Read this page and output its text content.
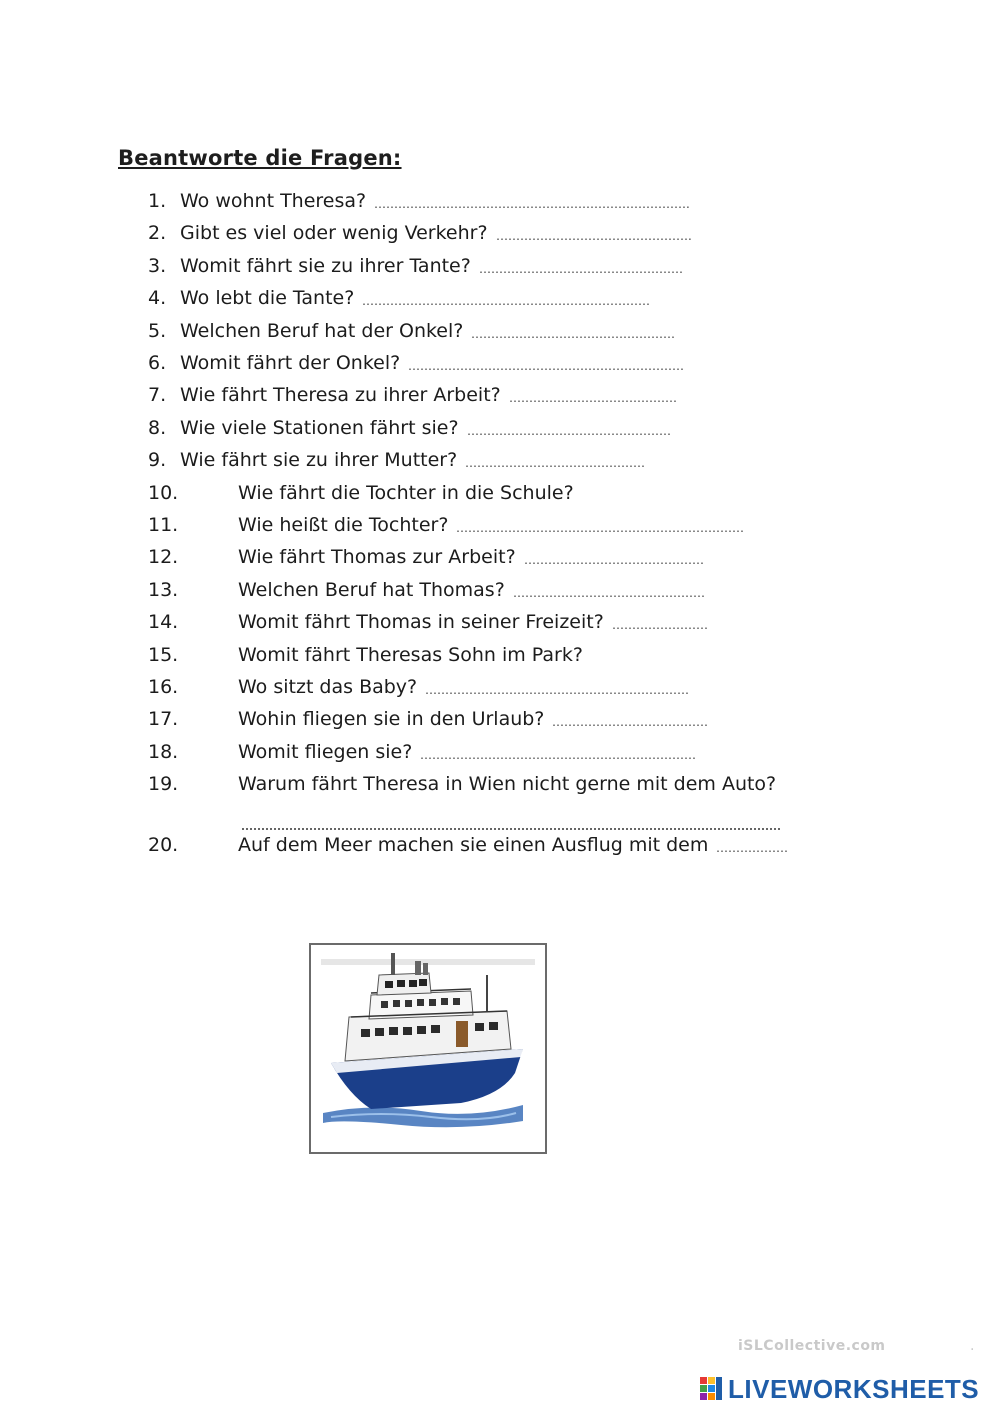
Beantworte die Fragen:
1. Wo wohnt Theresa? …………………………………………………………………….
2. Gibt es viel oder wenig Verkehr? ………………………………………….
3. Womit fährt sie zu ihrer Tante? ……………………………………………
4. Wo lebt die Tante? ………………………………………………………………
5. Welchen Beruf hat der Onkel? ……………………………………………
6. Womit fährt der Onkel? ……………………………………………………………
7. Wie fährt Theresa zu ihrer Arbeit? ……………………………………
8. Wie viele Stationen fährt sie? ……………………………………………
9. Wie fährt sie zu ihrer Mutter? ………………………………………
10.	Wie fährt die Tochter in die Schule?
11.	Wie heißt die Tochter? ………………………………………………………………
12.	Wie fährt Thomas zur Arbeit? ………………………………………
13.	Welchen Beruf hat Thomas? …………………………………………
14.	Womit fährt Thomas in seiner Freizeit? ……………………
15.	Womit fährt Theresas Sohn im Park?
16.	Wo sitzt das Baby? …………………………………………………………
17.	Wohin fliegen sie in den Urlaub? …………………………………
18.	Womit fliegen sie? ……………………………………………………………
19.	Warum fährt Theresa in Wien nicht gerne mit dem Auto?
20.	Auf dem Meer machen sie einen Ausflug mit dem ………………
iSLCollective.com	.
LIVEWORKSHEETS
